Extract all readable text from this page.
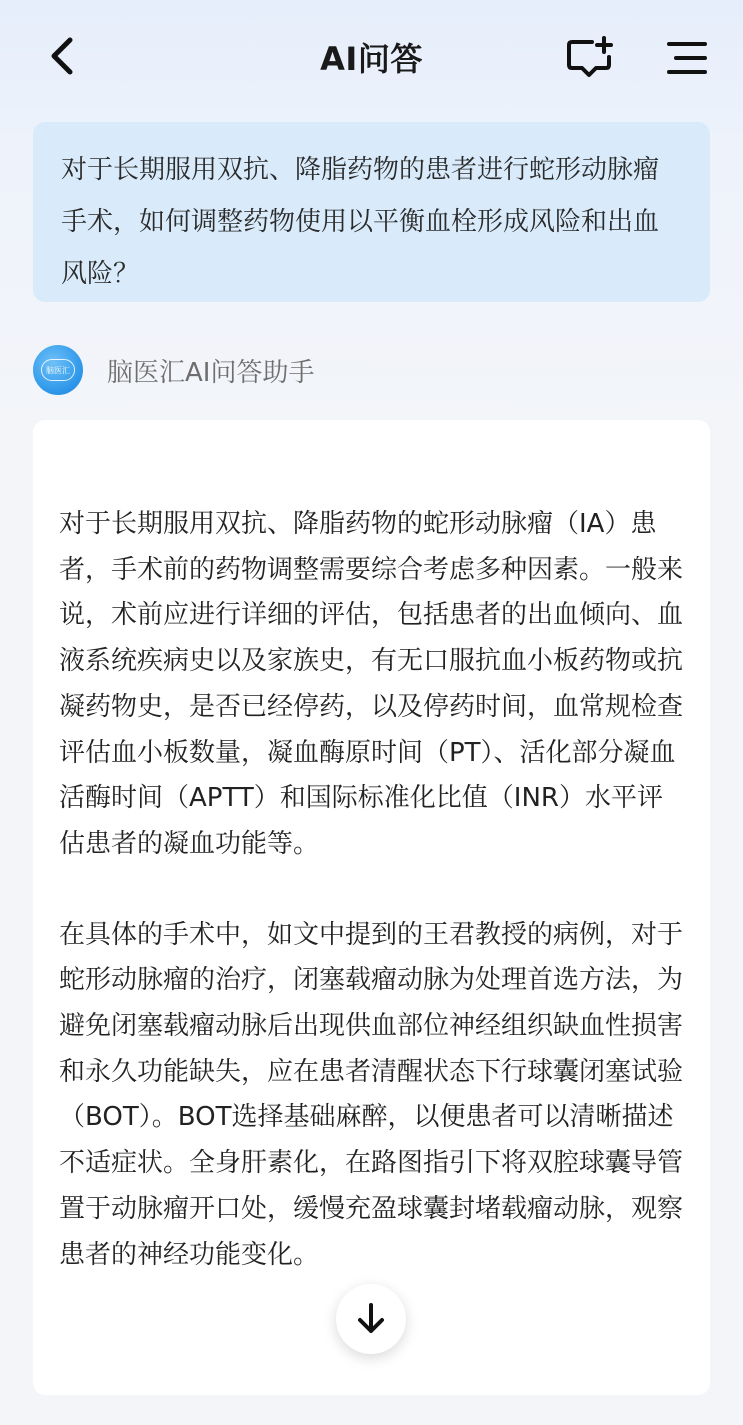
AI问答

对于长期服用双抗、降脂药物的患者进行蛇形动脉瘤手术，如何调整药物使用以平衡血栓形成风险和出血风险？

脑医汇 脑医汇AI问答助手

对于长期服用双抗、降脂药物的蛇形动脉瘤（IA）患者，手术前的药物调整需要综合考虑多种因素。一般来说，术前应进行详细的评估，包括患者的出血倾向、血液系统疾病史以及家族史，有无口服抗血小板药物或抗凝药物史，是否已经停药，以及停药时间，血常规检查评估血小板数量，凝血酶原时间（PT）、活化部分凝血活酶时间（APTT）和国际标准化比值（INR）水平评估患者的凝血功能等。

在具体的手术中，如文中提到的王君教授的病例，对于蛇形动脉瘤的治疗，闭塞载瘤动脉为处理首选方法，为避免闭塞载瘤动脉后出现供血部位神经组织缺血性损害和永久功能缺失，应在患者清醒状态下行球囊闭塞试验（BOT）。BOT选择基础麻醉，以便患者可以清晰描述不适症状。全身肝素化，在路图指引下将双腔球囊导管置于动脉瘤开口处，缓慢充盈球囊封堵载瘤动脉，观察患者的神经功能变化。
